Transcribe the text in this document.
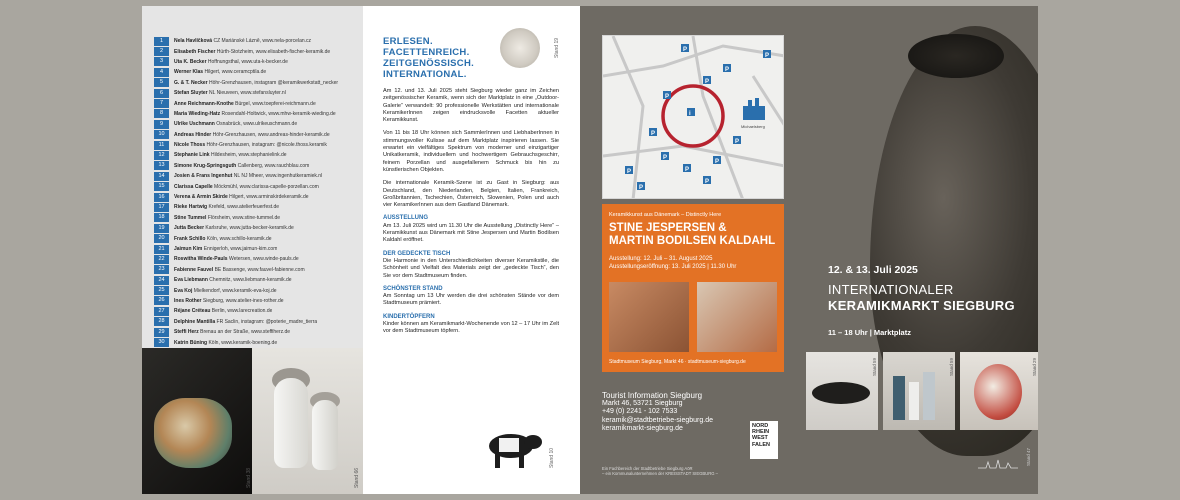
1	Nela Havlíčková CZ Mariánské Lázně, www.nela-porcelan.cz
2	Elisabeth Fischer Hürth-Stotzheim, www.elisabeth-fischer-keramik.de
3	Uta K. Becker Hoffnungsthal, www.uta-k-becker.de
4	Werner Klas Hilgert, www.ceramcptila.de
5	G. & T. Necker Höhr-Grenzhausen, instagram @keramikwerkstatt_necker
6	Stefan Sluyter NL Nieuveen, www.stefansluyter.nl
7	Anne Reichmann-Knothe Bürgel, www.toepferei-reichmann.de
8	Maria Wieding-Hatz Rosendahl-Holtwick, www.mhw-keramik-wieding.de
9	Ulrike Uschmann Osnabrück, www.ulrikeuschmann.de
10	Andreas Hinder Höhr-Grenzhausen, www.andreas-hinder-keramik.de
11	Nicole Thoss Höhr-Grenzhausen, instagram: @nicole.thoss.keramik
12	Stephanie Link Hildesheim, www.stephanielink.de
13	Simone Krug-Springsguth Callenberg, www.rauchblau.com
14	Josien & Frans Ingenhut NL NJ Mheer, www.ingenhutkeramiek.nl
15	Clarissa Capelle Möckmühl, www.clarissa-capelle-porzellan.com
16	Verena & Armin Skirde Hilgert, www.arminskirdekeramik.de
17	Rieke Hartwig Krefeld, www.atelierfeuerfest.de
18	Stine Tummel Flörsheim, www.stine-tummel.de
19	Jutta Becker Karlsruhe, www.jutta-becker-keramik.de
20	Frank Schillo Köln, www.schillo-keramik.de
21	Jaimun Kim Ennigerloh, www.jaimun-kim.com
22	Roswitha Winde-Pauls Wetersen, www.winde-pauls.de
23	Fabienne Fauvel BE Bassenge, www.fauvel-fabienne.com
24	Eva Liebmann Chemnitz, www.liebmann-keramik.de
25	Eva Koj Mielkendorf, www.keramik-eva-koj.de
26	Ines Rother Siegburg, www.atelier-ines-rother.de
27	Réjane Créteau Berlin, www.larecreation.de
28	Delphine Mantilla FR Saclin, instagram: @poterie_madre_tierra
29	Steffi Herz Brenau an der Straße, www.steffiherz.de
30	Katrin Büning Köln, www.keramik-boening.de
Stand 38	Stand 66
ERLESEN. FACETTENREICH. ZEITGENÖSSISCH. INTERNATIONAL.
Stand 19

Am 12. und 13. Juli 2025 steht Siegburg wieder ganz im Zeichen zeitgenössischer Keramik, wenn sich der Marktplatz in eine „Outdoor-Galerie“ verwandelt: 90 professionelle Werkstätten und internationale KeramikerInnen zeigen eindrucksvolle Facetten aktueller Keramikkunst.

Von 11 bis 18 Uhr können sich SammlerInnen und LiebhaberInnen in stimmungsvoller Kulisse auf dem Marktplatz inspirieren lassen. Sie erwartet ein vielfältiges Spektrum von moderner und einzigartiger Unikatkeramik, individuellem und hochwertigem Gebrauchsgeschirr, feinem Porzellan und ausgefallenem Schmuck bis hin zu künstlerischen Objekten.

Die internationale Keramik-Szene ist zu Gast in Siegburg: aus Deutschland, den Niederlanden, Belgien, Italien, Frankreich, Großbritannien, Tschechien, Österreich, Slowenien, Polen und auch vier KeramikerInnen aus dem Gastland Dänemark.

AUSSTELLUNG

Am 13. Juli 2025 wird um 11.30 Uhr die Ausstellung „Distinctly Here“ – Keramikkunst aus Dänemark mit Stine Jespersen und Martin Bodilsen Kaldahl eröffnet.

DER GEDECKTE TISCH

Die Harmonie in den Unterschiedlichkeiten diverser Keramikstile, die Schönheit und Vielfalt des Materials zeigt der „gedeckte Tisch“, den Sie vor dem Stadtmuseum finden.

SCHÖNSTER STAND

Am Sonntag um 13 Uhr werden die drei schönsten Stände vor dem Stadtmuseum prämiert.

KINDERTÖPFERN

Kinder können am Keramikmarkt-Wochenende von 12 – 17 Uhr im Zelt vor dem Stadtmuseum töpfern.

Stand 10
P
P
P
P
i
P
P
P
P
P
P
P
P
P
Michaelsberg
Keramikkunst aus Dänemark – Distinctly Here
STINE JESPERSEN &
MARTIN BODILSEN KALDAHL
Ausstellung: 12. Juli – 31. August 2025
Ausstellungseröffnung: 13. Juli 2025 | 11.30 Uhr
Stadtmuseum Siegburg, Markt 46 · stadtmuseum-siegburg.de
12. & 13. Juli 2025
INTERNATIONALER
KERAMIKMARKT SIEGBURG
11 – 18 Uhr | Marktplatz
Stand 59	Stand 59	Stand 29
Tourist Information Siegburg
Markt 46, 53721 Siegburg
+49 (0) 2241 - 102 7533
keramik@stadtbetriebe-siegburg.de
keramikmarkt-siegburg.de	NORD RHEIN WEST FALEN
Ein Fachbereich der Stadtbetriebe Siegburg AöR
– ein Kommunalunternehmen der KREISSTADT SIEGBURG –
Stand 47
